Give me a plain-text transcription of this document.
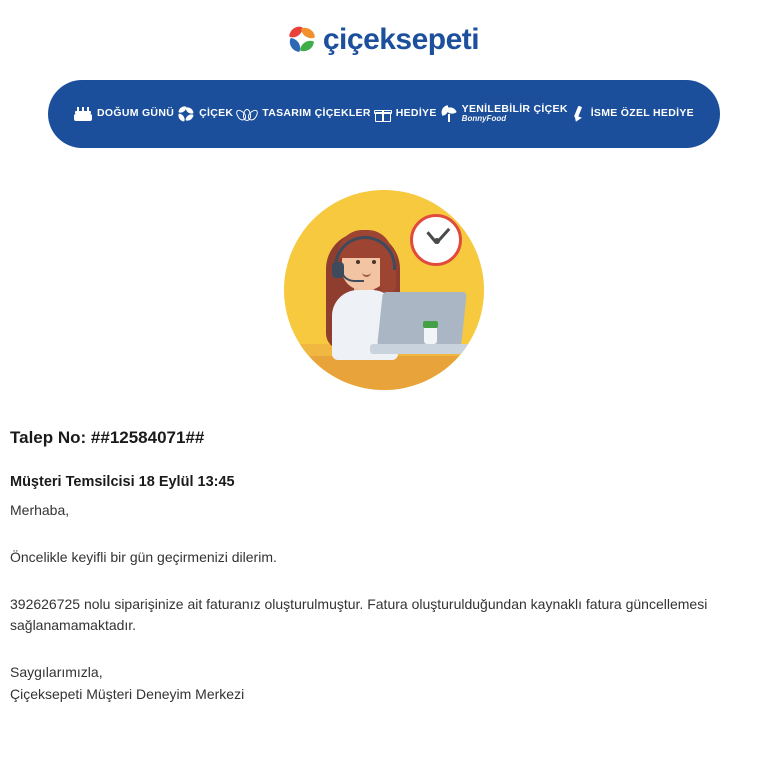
çiçeksepeti
DOĞUM GÜNÜ ÇİÇEK	TASARIM ÇİÇEKLER HEDİYE YENİLEBİLİR ÇİÇEK
BonnyFood	İSME ÖZEL HEDİYE

Talep No: ##12584071##

Müşteri Temsilcisi 18 Eylül 13:45

Merhaba,

Öncelikle keyifli bir gün geçirmenizi dilerim.

392626725 nolu siparişinize ait faturanız oluşturulmuştur. Fatura oluşturulduğundan kaynaklı fatura güncellemesi sağlanamamaktadır.

Saygılarımızla,

Çiçeksepeti Müşteri Deneyim Merkezi
